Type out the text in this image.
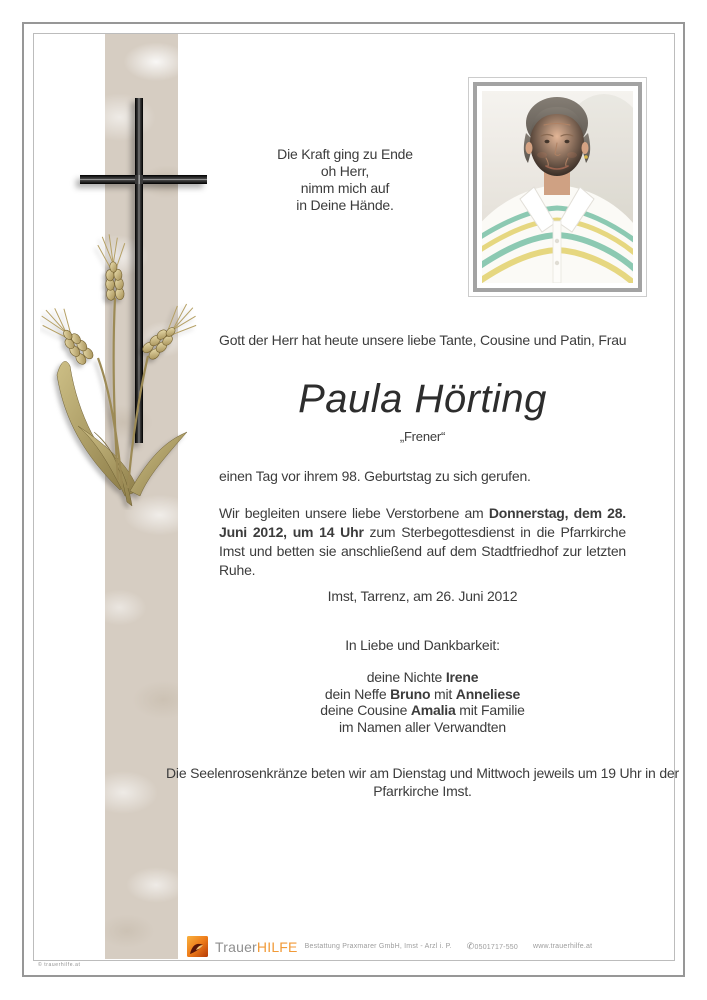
Die Kraft ging zu Ende
oh Herr,
nimm mich auf
in Deine Hände.
Gott der Herr hat heute unsere liebe Tante, Cousine und Patin, Frau
Paula Hörting
„Frener“
einen Tag vor ihrem 98. Geburtstag zu sich gerufen.
Wir begleiten unsere liebe Verstorbene am Donnerstag, dem 28. Juni 2012, um 14 Uhr zum Sterbegottesdienst in die Pfarrkirche Imst und betten sie anschließend auf dem Stadtfriedhof zur letzten Ruhe.
Imst, Tarrenz, am 26. Juni 2012
In Liebe und Dankbarkeit:
deine Nichte Irene
dein Neffe Bruno mit Anneliese
deine Cousine Amalia mit Familie
im Namen aller Verwandten
Die Seelenrosenkränze beten wir am Dienstag und Mittwoch jeweils um 19 Uhr in der Pfarrkirche Imst.
TrauerHILFE Bestattung Praxmarer GmbH, Imst - Arzl i. P. ✆0501717-550 www.trauerhilfe.at
© trauerhilfe.at
